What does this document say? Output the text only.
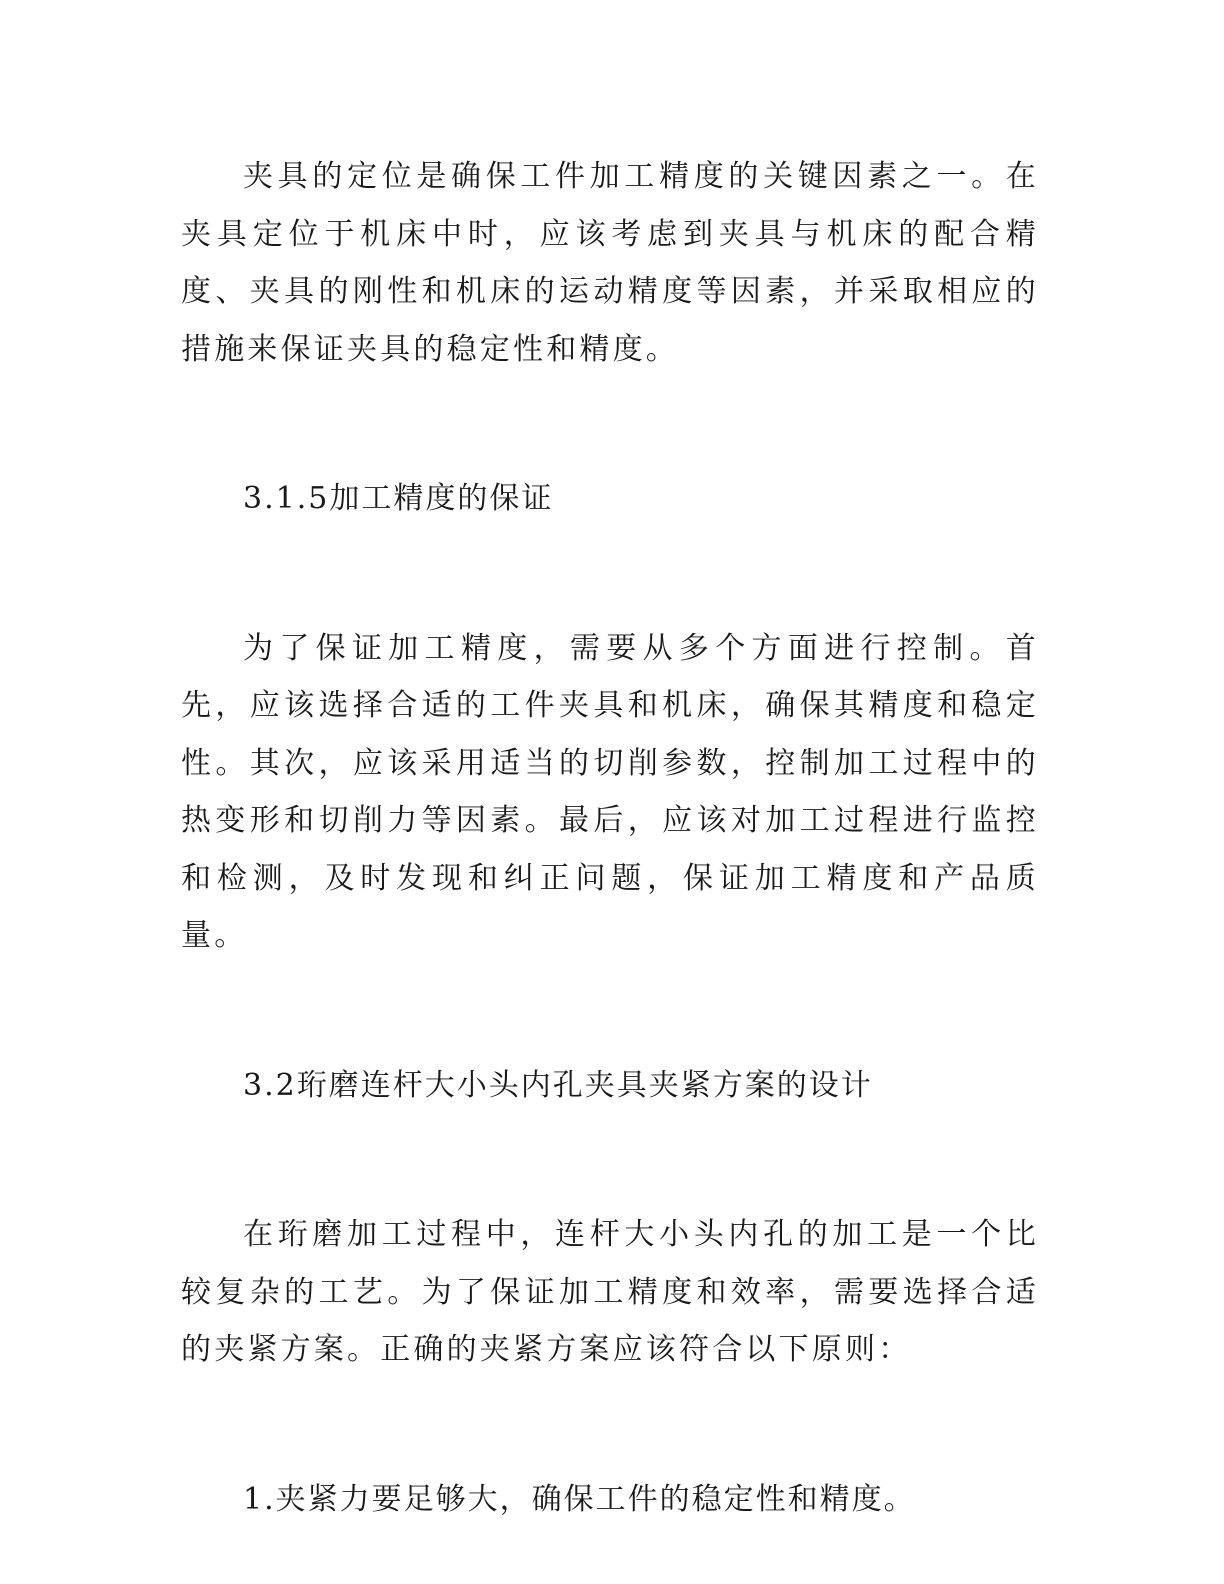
夹具的定位是确保工件加工精度的关键因素之一。在夹具定位于机床中时，应该考虑到夹具与机床的配合精度、夹具的刚性和机床的运动精度等因素，并采取相应的措施来保证夹具的稳定性和精度。

3.1.5加工精度的保证

为了保证加工精度，需要从多个方面进行控制。首先，应该选择合适的工件夹具和机床，确保其精度和稳定性。其次，应该采用适当的切削参数，控制加工过程中的热变形和切削力等因素。最后，应该对加工过程进行监控和检测，及时发现和纠正问题，保证加工精度和产品质量。

3.2珩磨连杆大小头内孔夹具夹紧方案的设计

在珩磨加工过程中，连杆大小头内孔的加工是一个比较复杂的工艺。为了保证加工精度和效率，需要选择合适的夹紧方案。正确的夹紧方案应该符合以下原则：

1.夹紧力要足够大，确保工件的稳定性和精度。
